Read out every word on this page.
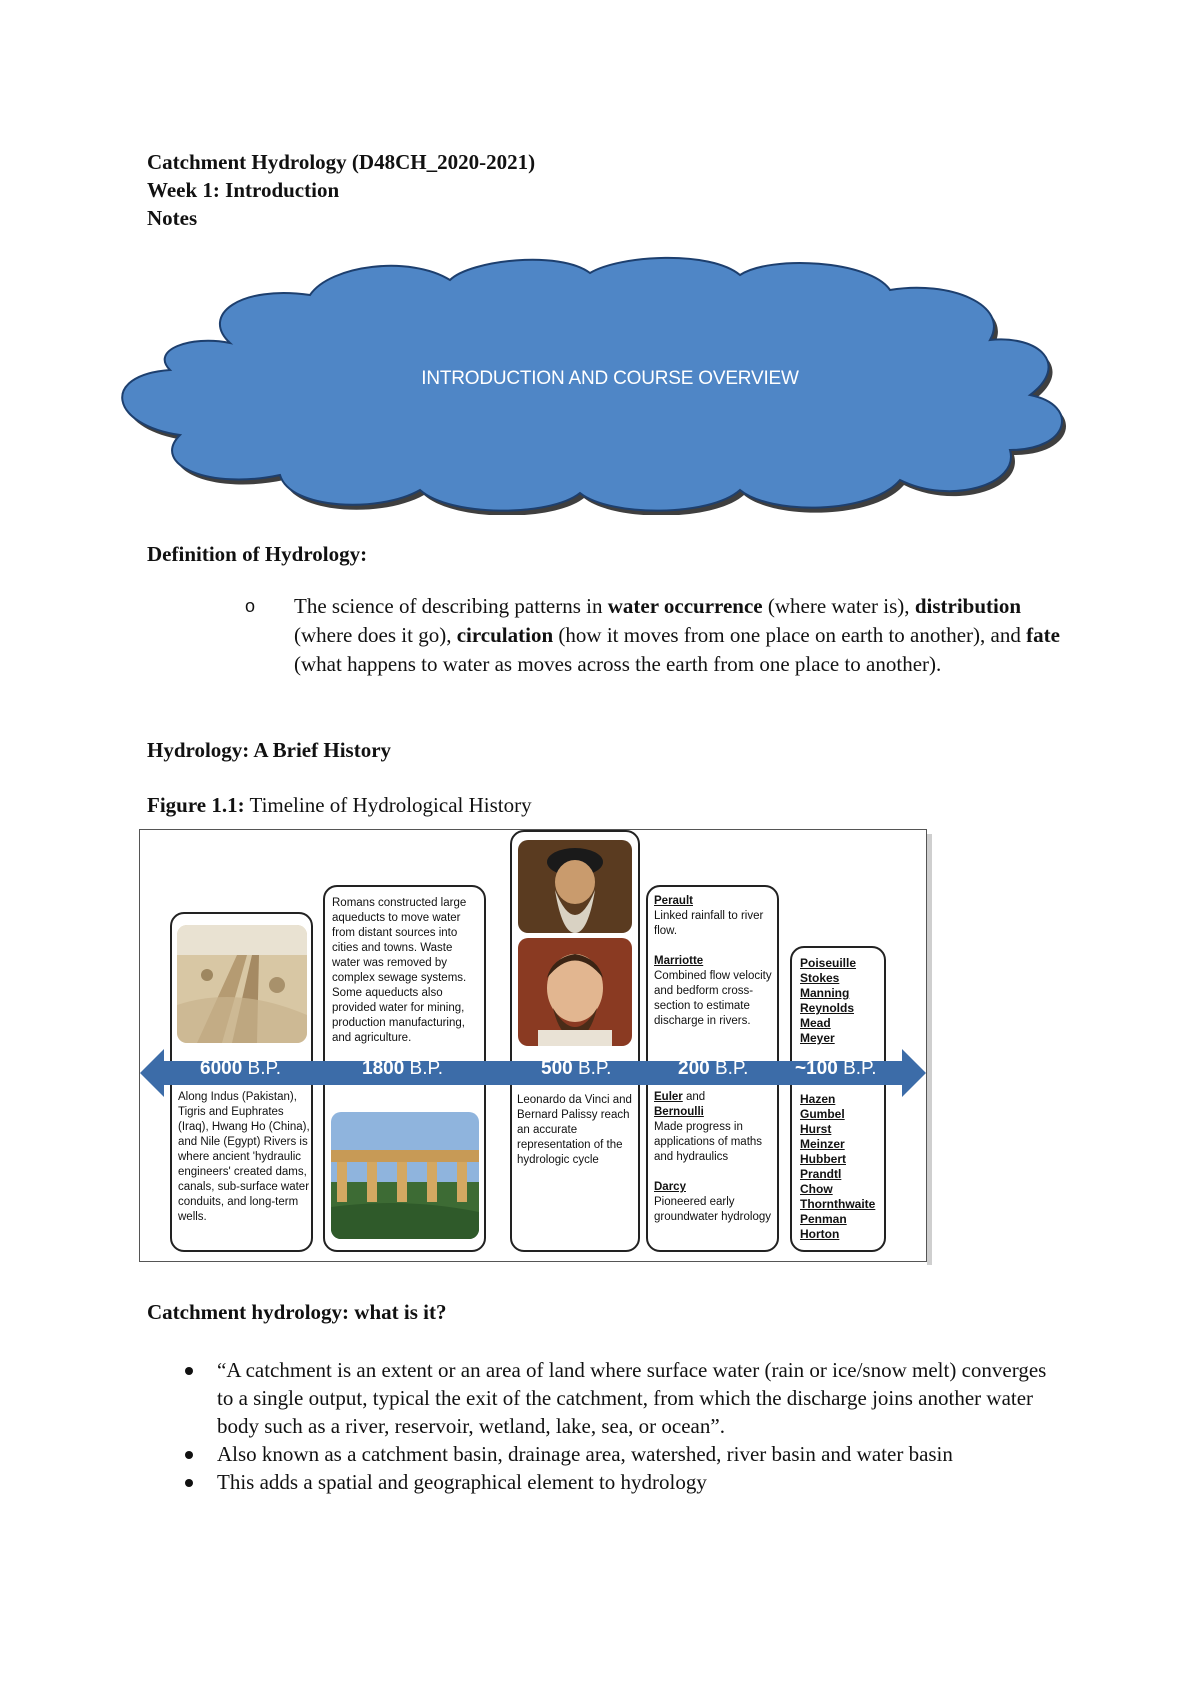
Catchment Hydrology (D48CH_2020-2021)
Week 1: Introduction
Notes
INTRODUCTION AND COURSE OVERVIEW
Definition of Hydrology:
o The science of describing patterns in water occurrence (where water is), distribution (where does it go), circulation (how it moves from one place on earth to another), and fate (what happens to water as moves across the earth from one place to another).
Hydrology: A Brief History
Figure 1.1: Timeline of Hydrological History
Along Indus (Pakistan), Tigris and Euphrates (Iraq), Hwang Ho (China), and Nile (Egypt) Rivers is where ancient 'hydraulic engineers' created dams, canals, sub-surface water conduits, and long-term wells.
Romans constructed large aqueducts to move water from distant sources into cities and towns. Waste water was removed by complex sewage systems. Some aqueducts also provided water for mining, production manufacturing, and agriculture.
Leonardo da Vinci and Bernard Palissy reach an accurate representation of the hydrologic cycle
Perault
Linked rainfall to river flow.

Marriotte
Combined flow velocity and bedform cross-section to estimate discharge in rivers.
Euler and
Bernoulli
Made progress in applications of maths and hydraulics

Darcy
Pioneered early groundwater hydrology
Poiseuille
Stokes
Manning
Reynolds
Mead
Meyer
Hazen
Gumbel
Hurst
Meinzer
Hubbert
Prandtl
Chow
Thornthwaite
Penman
Horton
6000 B.P.	1800 B.P.	500 B.P.	200 B.P. ~100 B.P.
Catchment hydrology: what is it?
“A catchment is an extent or an area of land where surface water (rain or ice/snow melt) converges to a single output, typical the exit of the catchment, from which the discharge joins another water body such as a river, reservoir, wetland, lake, sea, or ocean”.
Also known as a catchment basin, drainage area, watershed, river basin and water basin
This adds a spatial and geographical element to hydrology
